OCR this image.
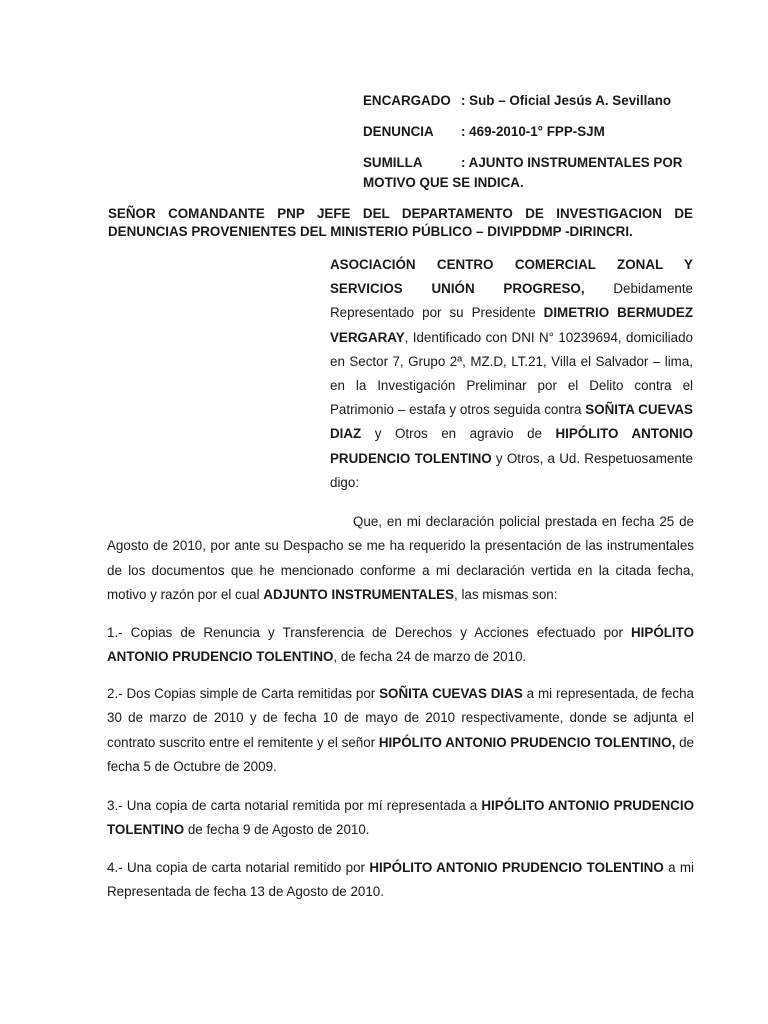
ENCARGADO : Sub – Oficial Jesús A. Sevillano
DENUNCIA : 469-2010-1° FPP-SJM
SUMILLA	: AJUNTO INSTRUMENTALES POR
MOTIVO QUE SE INDICA.
SEÑOR COMANDANTE PNP JEFE DEL DEPARTAMENTO DE INVESTIGACION DE
DENUNCIAS PROVENIENTES DEL MINISTERIO PÚBLICO – DIVIPDDMP -DIRINCRI.
ASOCIACIÓN CENTRO COMERCIAL ZONAL Y SERVICIOS UNIÓN PROGRESO, Debidamente Representado por su Presidente DIMETRIO BERMUDEZ VERGARAY, Identificado con DNI N° 10239694, domiciliado en Sector 7, Grupo 2ª, MZ.D, LT.21, Villa el Salvador – lima, en la Investigación Preliminar por el Delito contra el Patrimonio – estafa y otros seguida contra SOÑITA CUEVAS DIAZ y Otros en agravio de HIPÓLITO ANTONIO PRUDENCIO TOLENTINO y Otros, a Ud. Respetuosamente digo:
Que, en mi declaración policial prestada en fecha 25 de Agosto de 2010, por ante su Despacho se me ha requerido la presentación de las instrumentales de los documentos que he mencionado conforme a mi declaración vertida en la citada fecha, motivo y razón por el cual ADJUNTO INSTRUMENTALES, las mismas son:
1.- Copias de Renuncia y Transferencia de Derechos y Acciones efectuado por HIPÓLITO ANTONIO PRUDENCIO TOLENTINO, de fecha 24 de marzo de 2010.
2.- Dos Copias simple de Carta remitidas por SOÑITA CUEVAS DIAS a mi representada, de fecha 30 de marzo de 2010 y de fecha 10 de mayo de 2010 respectivamente, donde se adjunta el contrato suscrito entre el remitente y el señor HIPÓLITO ANTONIO PRUDENCIO TOLENTINO, de fecha 5 de Octubre de 2009.
3.- Una copia de carta notarial remitida por mí representada a HIPÓLITO ANTONIO PRUDENCIO TOLENTINO de fecha 9 de Agosto de 2010.
4.- Una copia de carta notarial remitido por HIPÓLITO ANTONIO PRUDENCIO TOLENTINO a mi Representada de fecha 13 de Agosto de 2010.
